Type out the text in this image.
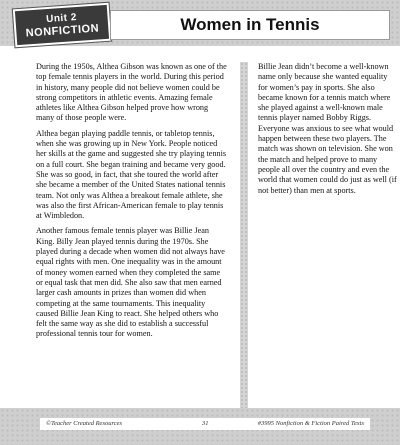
Unit 2
NONFICTION	Women in Tennis

During the 1950s, Althea Gibson was known as one of the top female tennis players in the world. During this period in history, many people did not believe women could be strong competitors in athletic events. Amazing female athletes like Althea Gibson helped prove how wrong many of those people were.

Althea began playing paddle tennis, or tabletop tennis, when she was growing up in New York. People noticed her skills at the game and suggested she try playing tennis on a full court. She began training and became very good. She was so good, in fact, that she toured the world after she became a member of the United States national tennis team. Not only was Althea a breakout female athlete, she was also the first African-American female to play tennis at Wimbledon.

Another famous female tennis player was Billie Jean King. Billy Jean played tennis during the 1970s. She played during a decade when women did not always have equal rights with men. One inequality was in the amount of money women earned when they completed the same or equal task that men did. She also saw that men earned larger cash amounts in prizes than women did when competing at the same tournaments. This inequality caused Billie Jean King to react. She helped others who felt the same way as she did to establish a successful professional tennis tour for women.

Billie Jean didn’t become a well-known name only because she wanted equality for women’s pay in sports. She also became known for a tennis match where she played against a well-known male tennis player named Bobby Riggs. Everyone was anxious to see what would happen between these two players. The match was shown on television. She won the match and helped prove to many people all over the country and even the world that women could do just as well (if not better) than men at sports.

©Teacher Created Resources	31	#3995 Nonfiction & Fiction Paired Texts
